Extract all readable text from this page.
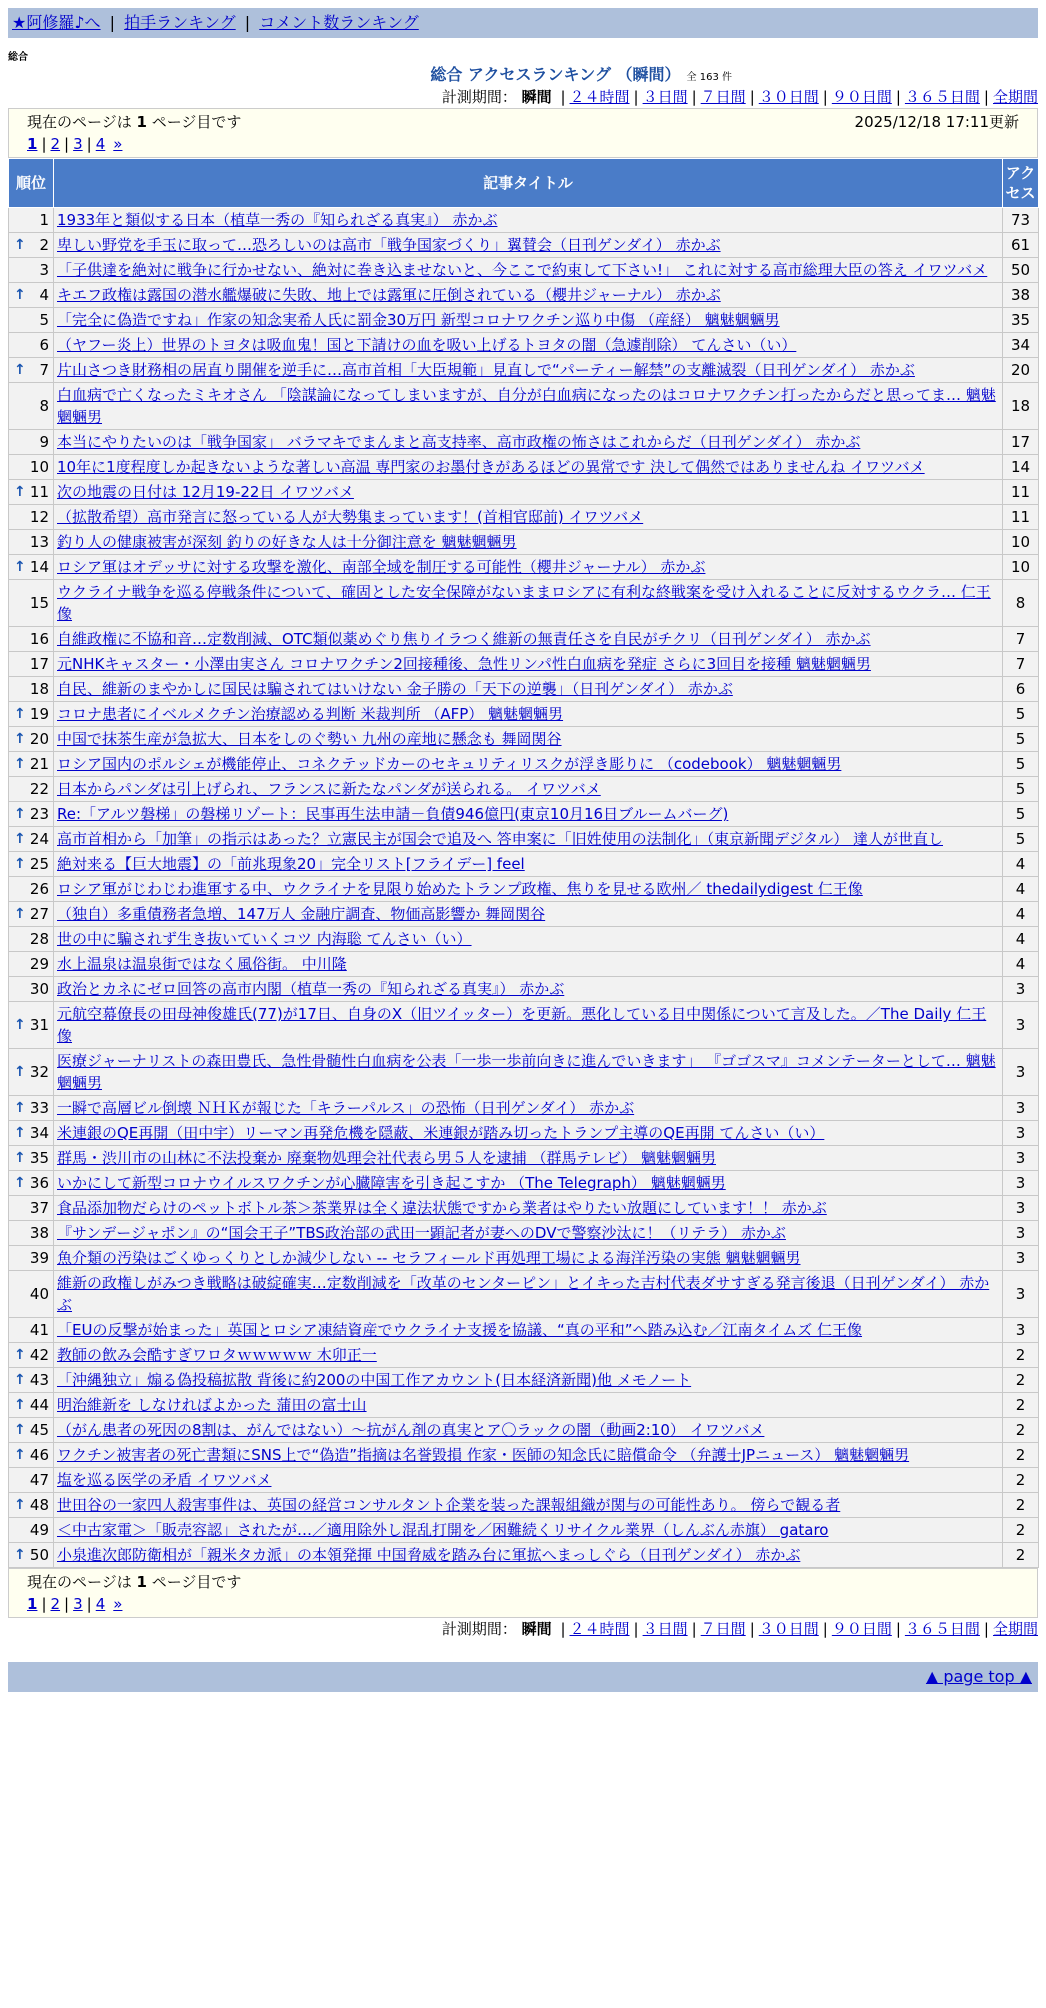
★阿修羅♪へ | 拍手ランキング | コメント数ランキング
総合
総合 アクセスランキング （瞬間） 全 163 件
計測期間： 瞬間 | ２４時間 | ３日間 | ７日間 | ３０日間 | ９０日間 | ３６５日間 | 全期間
現在のページは 1 ページ目です	2025/12/18 17:11更新
1 | 2 | 3 | 4 »
順位	記事タイトル	アクセス
1	1933年と類似する日本（植草一秀の『知られざる真実』） 赤かぶ	73

↑ 2	卑しい野党を手玉に取って…恐ろしいのは高市「戦争国家づくり」翼賛会（日刊ゲンダイ） 赤かぶ	61
3	「子供達を絶対に戦争に行かせない、絶対に巻き込ませないと、今ここで約束して下さい!」 これに対する高市総理大臣の答え イワツバメ	50

↑ 4	キエフ政権は露国の潜水艦爆破に失敗、地上では露軍に圧倒されている（櫻井ジャーナル） 赤かぶ	38
5	「完全に偽造ですね」作家の知念実希人氏に罰金30万円 新型コロナワクチン巡り中傷 （産経） 魑魅魍魎男	35
6	（ヤフー炎上）世界のトヨタは吸血鬼！国と下請けの血を吸い上げるトヨタの闇（急遽削除） てんさい（い）	34

↑ 7	片山さつき財務相の居直り開催を逆手に…高市首相「大臣規範」見直しで“パーティー解禁”の支離滅裂（日刊ゲンダイ） 赤かぶ	20
8	白血病で亡くなったミキオさん 「陰謀論になってしまいますが、自分が白血病になったのはコロナワクチン打ったからだと思ってま… 魑魅魍魎男	18
9	本当にやりたいのは「戦争国家」 バラマキでまんまと高支持率、高市政権の怖さはこれからだ（日刊ゲンダイ） 赤かぶ	17
10	10年に1度程度しか起きないような著しい高温 専門家のお墨付きがあるほどの異常です 決して偶然ではありませんね イワツバメ	14

↑ 11	次の地震の日付は 12月19-22日 イワツバメ	11
12	（拡散希望）高市発言に怒っている人が大勢集まっています！(首相官邸前) イワツバメ	11
13	釣り人の健康被害が深刻 釣りの好きな人は十分御注意を 魑魅魍魎男	10

↑ 14	ロシア軍はオデッサに対する攻撃を激化、南部全域を制圧する可能性（櫻井ジャーナル） 赤かぶ	10
15	ウクライナ戦争を巡る停戦条件について、確固とした安全保障がないままロシアに有利な終戦案を受け入れることに反対するウクラ… 仁王像	8
16	自維政権に不協和音…定数削減、OTC類似薬めぐり焦りイラつく維新の無責任さを自民がチクリ（日刊ゲンダイ） 赤かぶ	7
17	元NHKキャスター・小澤由実さん コロナワクチン2回接種後、急性リンパ性白血病を発症 さらに3回目を接種 魑魅魍魎男	7
18	自民、維新のまやかしに国民は騙されてはいけない 金子勝の「天下の逆襲」（日刊ゲンダイ） 赤かぶ	6

↑ 19	コロナ患者にイベルメクチン治療認める判断 米裁判所 （AFP） 魑魅魍魎男	5

↑ 20	中国で抹茶生産が急拡大、日本をしのぐ勢い 九州の産地に懸念も 舞岡関谷	5

↑ 21	ロシア国内のポルシェが機能停止、コネクテッドカーのセキュリティリスクが浮き彫りに （codebook） 魑魅魍魎男	5
22	日本からパンダは引上げられ、フランスに新たなパンダが送られる。 イワツバメ	5

↑ 23	Re:「アルツ磐梯」の磐梯リゾート：民事再生法申請－負債946億円(東京10月16日ブルームバーグ)	5

↑ 24	高市首相から「加筆」の指示はあった？立憲民主が国会で追及へ 答申案に「旧姓使用の法制化」（東京新聞デジタル） 達人が世直し	5

↑ 25	絶対来る【巨大地震】の「前兆現象20」完全リスト[フライデー] feel	4
26	ロシア軍がじわじわ進軍する中、ウクライナを見限り始めたトランプ政権、焦りを見せる欧州／ thedailydigest 仁王像	4

↑ 27	（独自）多重債務者急増、147万人 金融庁調査、物価高影響か 舞岡関谷	4
28	世の中に騙されず生き抜いていくコツ 内海聡 てんさい（い）	4
29	水上温泉は温泉街ではなく風俗街。 中川隆	4
30	政治とカネにゼロ回答の高市内閣（植草一秀の『知られざる真実』） 赤かぶ	3

↑ 31	元航空幕僚長の田母神俊雄氏(77)が17日、自身のX（旧ツイッター）を更新。悪化している日中関係について言及した。／The Daily 仁王像	3

↑ 32	医療ジャーナリストの森田豊氏、急性骨髄性白血病を公表「一歩一歩前向きに進んでいきます」 『ゴゴスマ』コメンテーターとして… 魑魅魍魎男	3

↑ 33	一瞬で高層ビル倒壊 ＮＨＫが報じた「キラーパルス」の恐怖（日刊ゲンダイ） 赤かぶ	3

↑ 34	米連銀のQE再開（田中宇）リーマン再発危機を隠蔽、米連銀が踏み切ったトランプ主導のQE再開 てんさい（い）	3

↑ 35	群馬・渋川市の山林に不法投棄か 廃棄物処理会社代表ら男５人を逮捕 （群馬テレビ） 魑魅魍魎男	3

↑ 36	いかにして新型コロナウイルスワクチンが心臓障害を引き起こすか （The Telegraph） 魑魅魍魎男	3
37	食品添加物だらけのペットボトル茶＞茶業界は全く違法状態ですから業者はやりたい放題にしています！！ 赤かぶ	3
38	『サンデージャポン』の“国会王子”TBS政治部の武田一顕記者が妻へのDVで警察沙汰に！（リテラ） 赤かぶ	3
39	魚介類の汚染はごくゆっくりとしか減少しない -- セラフィールド再処理工場による海洋汚染の実態 魑魅魍魎男	3
40	維新の政権しがみつき戦略は破綻確実…定数削減を「改革のセンターピン」とイキった吉村代表ダサすぎる発言後退（日刊ゲンダイ） 赤かぶ	3
41	「EUの反撃が始まった」英国とロシア凍結資産でウクライナ支援を協議、“真の平和”へ踏み込む／江南タイムズ 仁王像	3

↑ 42	教師の飲み会酷すぎワロタｗｗｗｗｗ 木卯正一	2

↑ 43	「沖縄独立」煽る偽投稿拡散 背後に約200の中国工作アカウント(日本経済新聞)他 メモノート	2

↑ 44	明治維新を しなければよかった 蒲田の富士山	2

↑ 45	（がん患者の死因の8割は、がんではない）～抗がん剤の真実とア〇ラックの闇（動画2:10） イワツバメ	2

↑ 46	ワクチン被害者の死亡書類にSNS上で“偽造”指摘は名誉毀損 作家・医師の知念氏に賠償命令 （弁護士JPニュース） 魑魅魍魎男	2
47	塩を巡る医学の矛盾 イワツバメ	2

↑ 48	世田谷の一家四人殺害事件は、英国の経営コンサルタント企業を装った課報組織が関与の可能性あり。 傍らで観る者	2
49	＜中古家電＞「販売容認」されたが…／適用除外し混乱打開を／困難続くリサイクル業界（しんぶん赤旗） gataro	2

↑ 50	小泉進次郎防衛相が「親米タカ派」の本領発揮 中国脅威を踏み台に軍拡へまっしぐら（日刊ゲンダイ） 赤かぶ	2
現在のページは 1 ページ目です
1 | 2 | 3 | 4 »
計測期間： 瞬間 | ２４時間 | ３日間 | ７日間 | ３０日間 | ９０日間 | ３６５日間 | 全期間
▲ page top ▲
